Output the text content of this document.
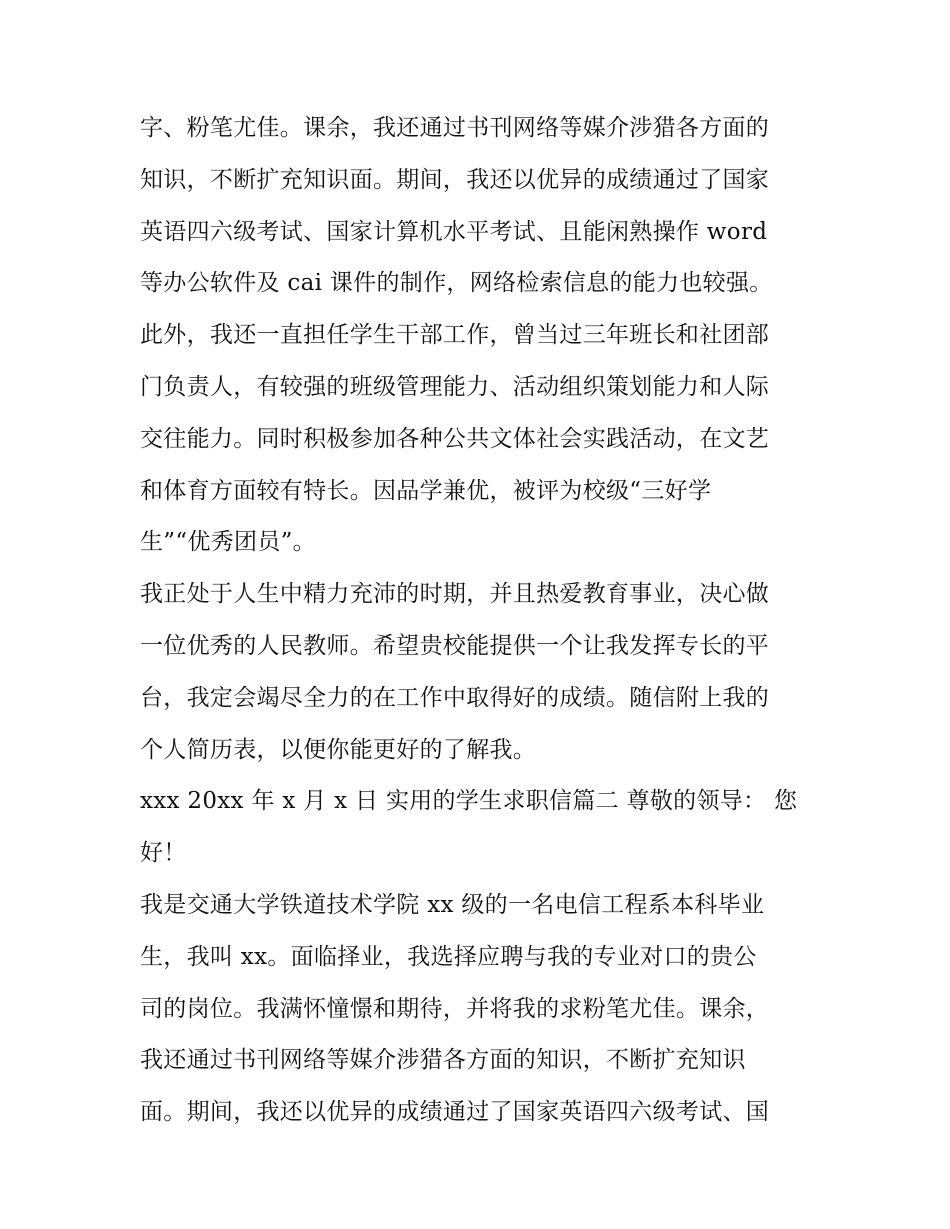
字、粉笔尤佳。课余，我还通过书刊网络等媒介涉猎各方面的
知识，不断扩充知识面。期间，我还以优异的成绩通过了国家
英语四六级考试、国家计算机水平考试、且能闲熟操作 word
等办公软件及 cai 课件的制作，网络检索信息的能力也较强。
此外，我还一直担任学生干部工作，曾当过三年班长和社团部
门负责人，有较强的班级管理能力、活动组织策划能力和人际
交往能力。同时积极参加各种公共文体社会实践活动，在文艺
和体育方面较有特长。因品学兼优，被评为校级“三好学
生”“优秀团员”。
我正处于人生中精力充沛的时期，并且热爱教育事业，决心做
一位优秀的人民教师。希望贵校能提供一个让我发挥专长的平
台，我定会竭尽全力的在工作中取得好的成绩。随信附上我的
个人简历表，以便你能更好的了解我。
xxx 20xx 年 x 月 x 日 实用的学生求职信篇二 尊敬的领导： 您
好！
我是交通大学铁道技术学院 xx 级的一名电信工程系本科毕业
生，我叫 xx。面临择业，我选择应聘与我的专业对口的贵公
司的岗位。我满怀憧憬和期待，并将我的求粉笔尤佳。课余，
我还通过书刊网络等媒介涉猎各方面的知识，不断扩充知识
面。期间，我还以优异的成绩通过了国家英语四六级考试、国
